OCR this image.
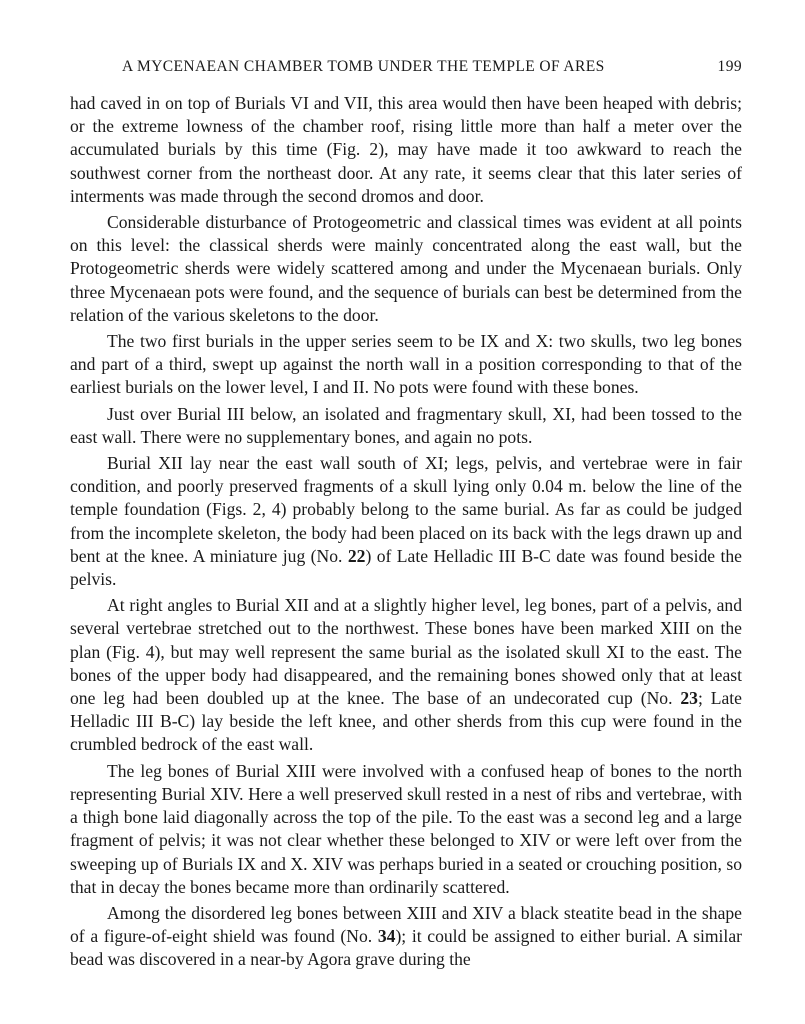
A MYCENAEAN CHAMBER TOMB UNDER THE TEMPLE OF ARES	199

had caved in on top of Burials VI and VII, this area would then have been heaped with debris; or the extreme lowness of the chamber roof, rising little more than half a meter over the accumulated burials by this time (Fig. 2), may have made it too awkward to reach the southwest corner from the northeast door. At any rate, it seems clear that this later series of interments was made through the second dromos and door.

Considerable disturbance of Protogeometric and classical times was evident at all points on this level: the classical sherds were mainly concentrated along the east wall, but the Protogeometric sherds were widely scattered among and under the Mycenaean burials. Only three Mycenaean pots were found, and the sequence of burials can best be determined from the relation of the various skeletons to the door.

The two first burials in the upper series seem to be IX and X: two skulls, two leg bones and part of a third, swept up against the north wall in a position corresponding to that of the earliest burials on the lower level, I and II. No pots were found with these bones.

Just over Burial III below, an isolated and fragmentary skull, XI, had been tossed to the east wall. There were no supplementary bones, and again no pots.

Burial XII lay near the east wall south of XI; legs, pelvis, and vertebrae were in fair condition, and poorly preserved fragments of a skull lying only 0.04 m. below the line of the temple foundation (Figs. 2, 4) probably belong to the same burial. As far as could be judged from the incomplete skeleton, the body had been placed on its back with the legs drawn up and bent at the knee. A miniature jug (No. 22) of Late Helladic III B-C date was found beside the pelvis.

At right angles to Burial XII and at a slightly higher level, leg bones, part of a pelvis, and several vertebrae stretched out to the northwest. These bones have been marked XIII on the plan (Fig. 4), but may well represent the same burial as the isolated skull XI to the east. The bones of the upper body had disappeared, and the remaining bones showed only that at least one leg had been doubled up at the knee. The base of an undecorated cup (No. 23; Late Helladic III B-C) lay beside the left knee, and other sherds from this cup were found in the crumbled bedrock of the east wall.

The leg bones of Burial XIII were involved with a confused heap of bones to the north representing Burial XIV. Here a well preserved skull rested in a nest of ribs and vertebrae, with a thigh bone laid diagonally across the top of the pile. To the east was a second leg and a large fragment of pelvis; it was not clear whether these belonged to XIV or were left over from the sweeping up of Burials IX and X. XIV was perhaps buried in a seated or crouching position, so that in decay the bones became more than ordinarily scattered.

Among the disordered leg bones between XIII and XIV a black steatite bead in the shape of a figure-of-eight shield was found (No. 34); it could be assigned to either burial. A similar bead was discovered in a near-by Agora grave during the
